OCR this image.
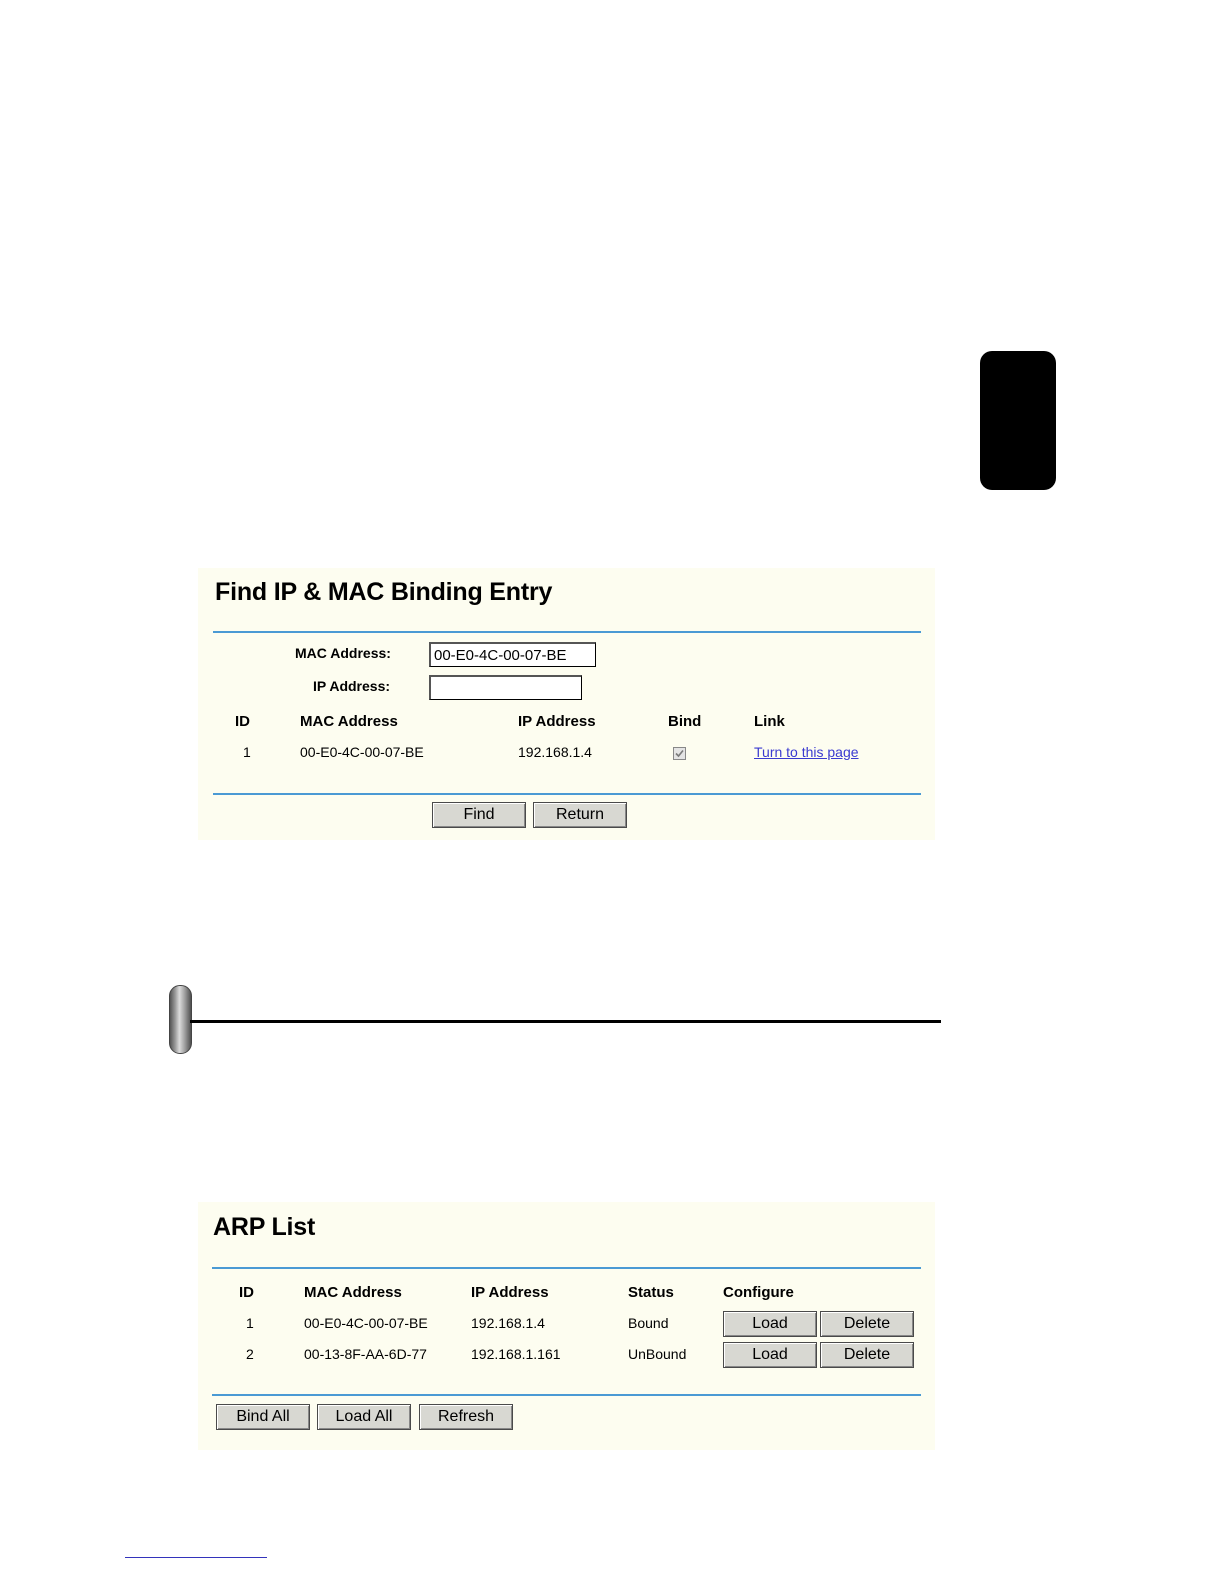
Find IP & MAC Binding Entry
MAC Address:
00-E0-4C-00-07-BE
IP Address:
ID	MAC Address	IP Address	Bind	Link
1	00-E0-4C-00-07-BE	192.168.1.4	Turn to this page
Find	Return
ARP List
ID	MAC Address	IP Address	Status	Configure
1	00-E0-4C-00-07-BE	192.168.1.4	Bound	Load	Delete
2	00-13-8F-AA-6D-77	192.168.1.161	UnBound	Load	Delete
Bind All	Load All	Refresh
